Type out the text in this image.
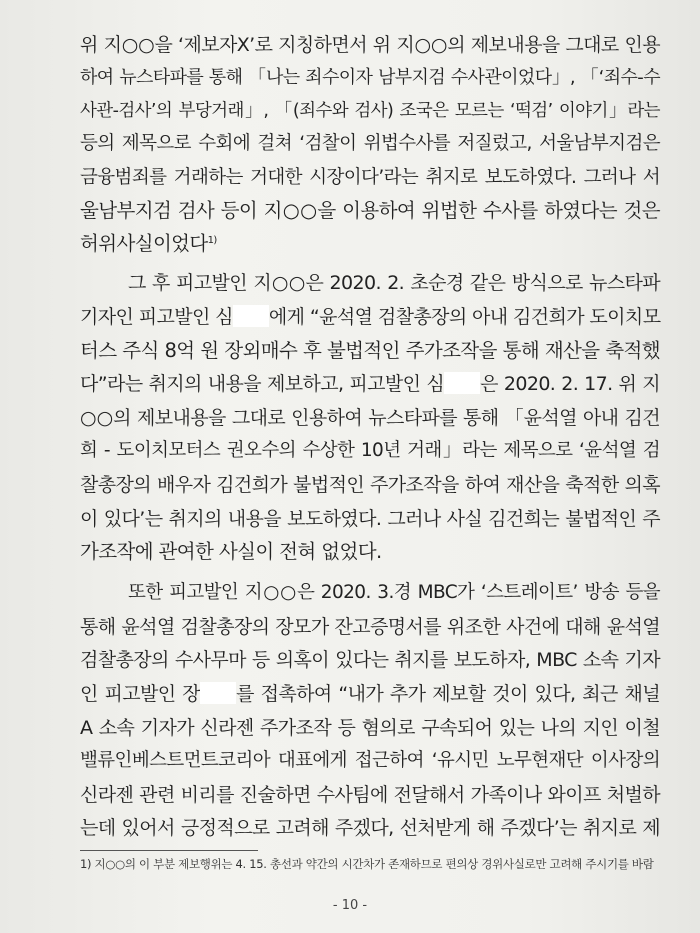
위 지○○을 ‘제보자X’로 지칭하면서 위 지○○의 제보내용을 그대로 인용
하여 뉴스타파를 통해 「나는 죄수이자 남부지검 수사관이었다」, 「‘죄수-수
사관-검사’의 부당거래」, 「(죄수와 검사) 조국은 모르는 ‘떡검’ 이야기」라는
등의 제목으로 수회에 걸쳐 ‘검찰이 위법수사를 저질렀고, 서울남부지검은
금융범죄를 거래하는 거대한 시장이다’라는 취지로 보도하였다. 그러나 서
울남부지검 검사 등이 지○○을 이용하여 위법한 수사를 하였다는 것은
허위사실이었다$^{1)}$
그 후 피고발인 지○○은 2020. 2. 초순경 같은 방식으로 뉴스타파
기자인 피고발인 심 에게 “윤석열 검찰총장의 아내 김건희가 도이치모
터스 주식 8억 원 장외매수 후 불법적인 주가조작을 통해 재산을 축적했
다”라는 취지의 내용을 제보하고, 피고발인 심 은 2020. 2. 17. 위 지
○○의 제보내용을 그대로 인용하여 뉴스타파를 통해 「윤석열 아내 김건
희 - 도이치모터스 권오수의 수상한 10년 거래」라는 제목으로 ‘윤석열 검
찰총장의 배우자 김건희가 불법적인 주가조작을 하여 재산을 축적한 의혹
이 있다’는 취지의 내용을 보도하였다. 그러나 사실 김건희는 불법적인 주
가조작에 관여한 사실이 전혀 없었다.
또한 피고발인 지○○은 2020. 3.경 MBC가 ‘스트레이트’ 방송 등을
통해 윤석열 검찰총장의 장모가 잔고증명서를 위조한 사건에 대해 윤석열
검찰총장의 수사무마 등 의혹이 있다는 취지를 보도하자, MBC 소속 기자
인 피고발인 장 를 접촉하여 “내가 추가 제보할 것이 있다, 최근 채널
A 소속 기자가 신라젠 주가조작 등 혐의로 구속되어 있는 나의 지인 이철
밸류인베스트먼트코리아 대표에게 접근하여 ‘유시민 노무현재단 이사장의
신라젠 관련 비리를 진술하면 수사팀에 전달해서 가족이나 와이프 처벌하
는데 있어서 긍정적으로 고려해 주겠다, 선처받게 해 주겠다’는 취지로 제
1) 지○○의 이 부분 제보행위는 4. 15. 총선과 약간의 시간차가 존재하므로 편의상 경위사실로만 고려해 주시기를 바람
- 10 -
